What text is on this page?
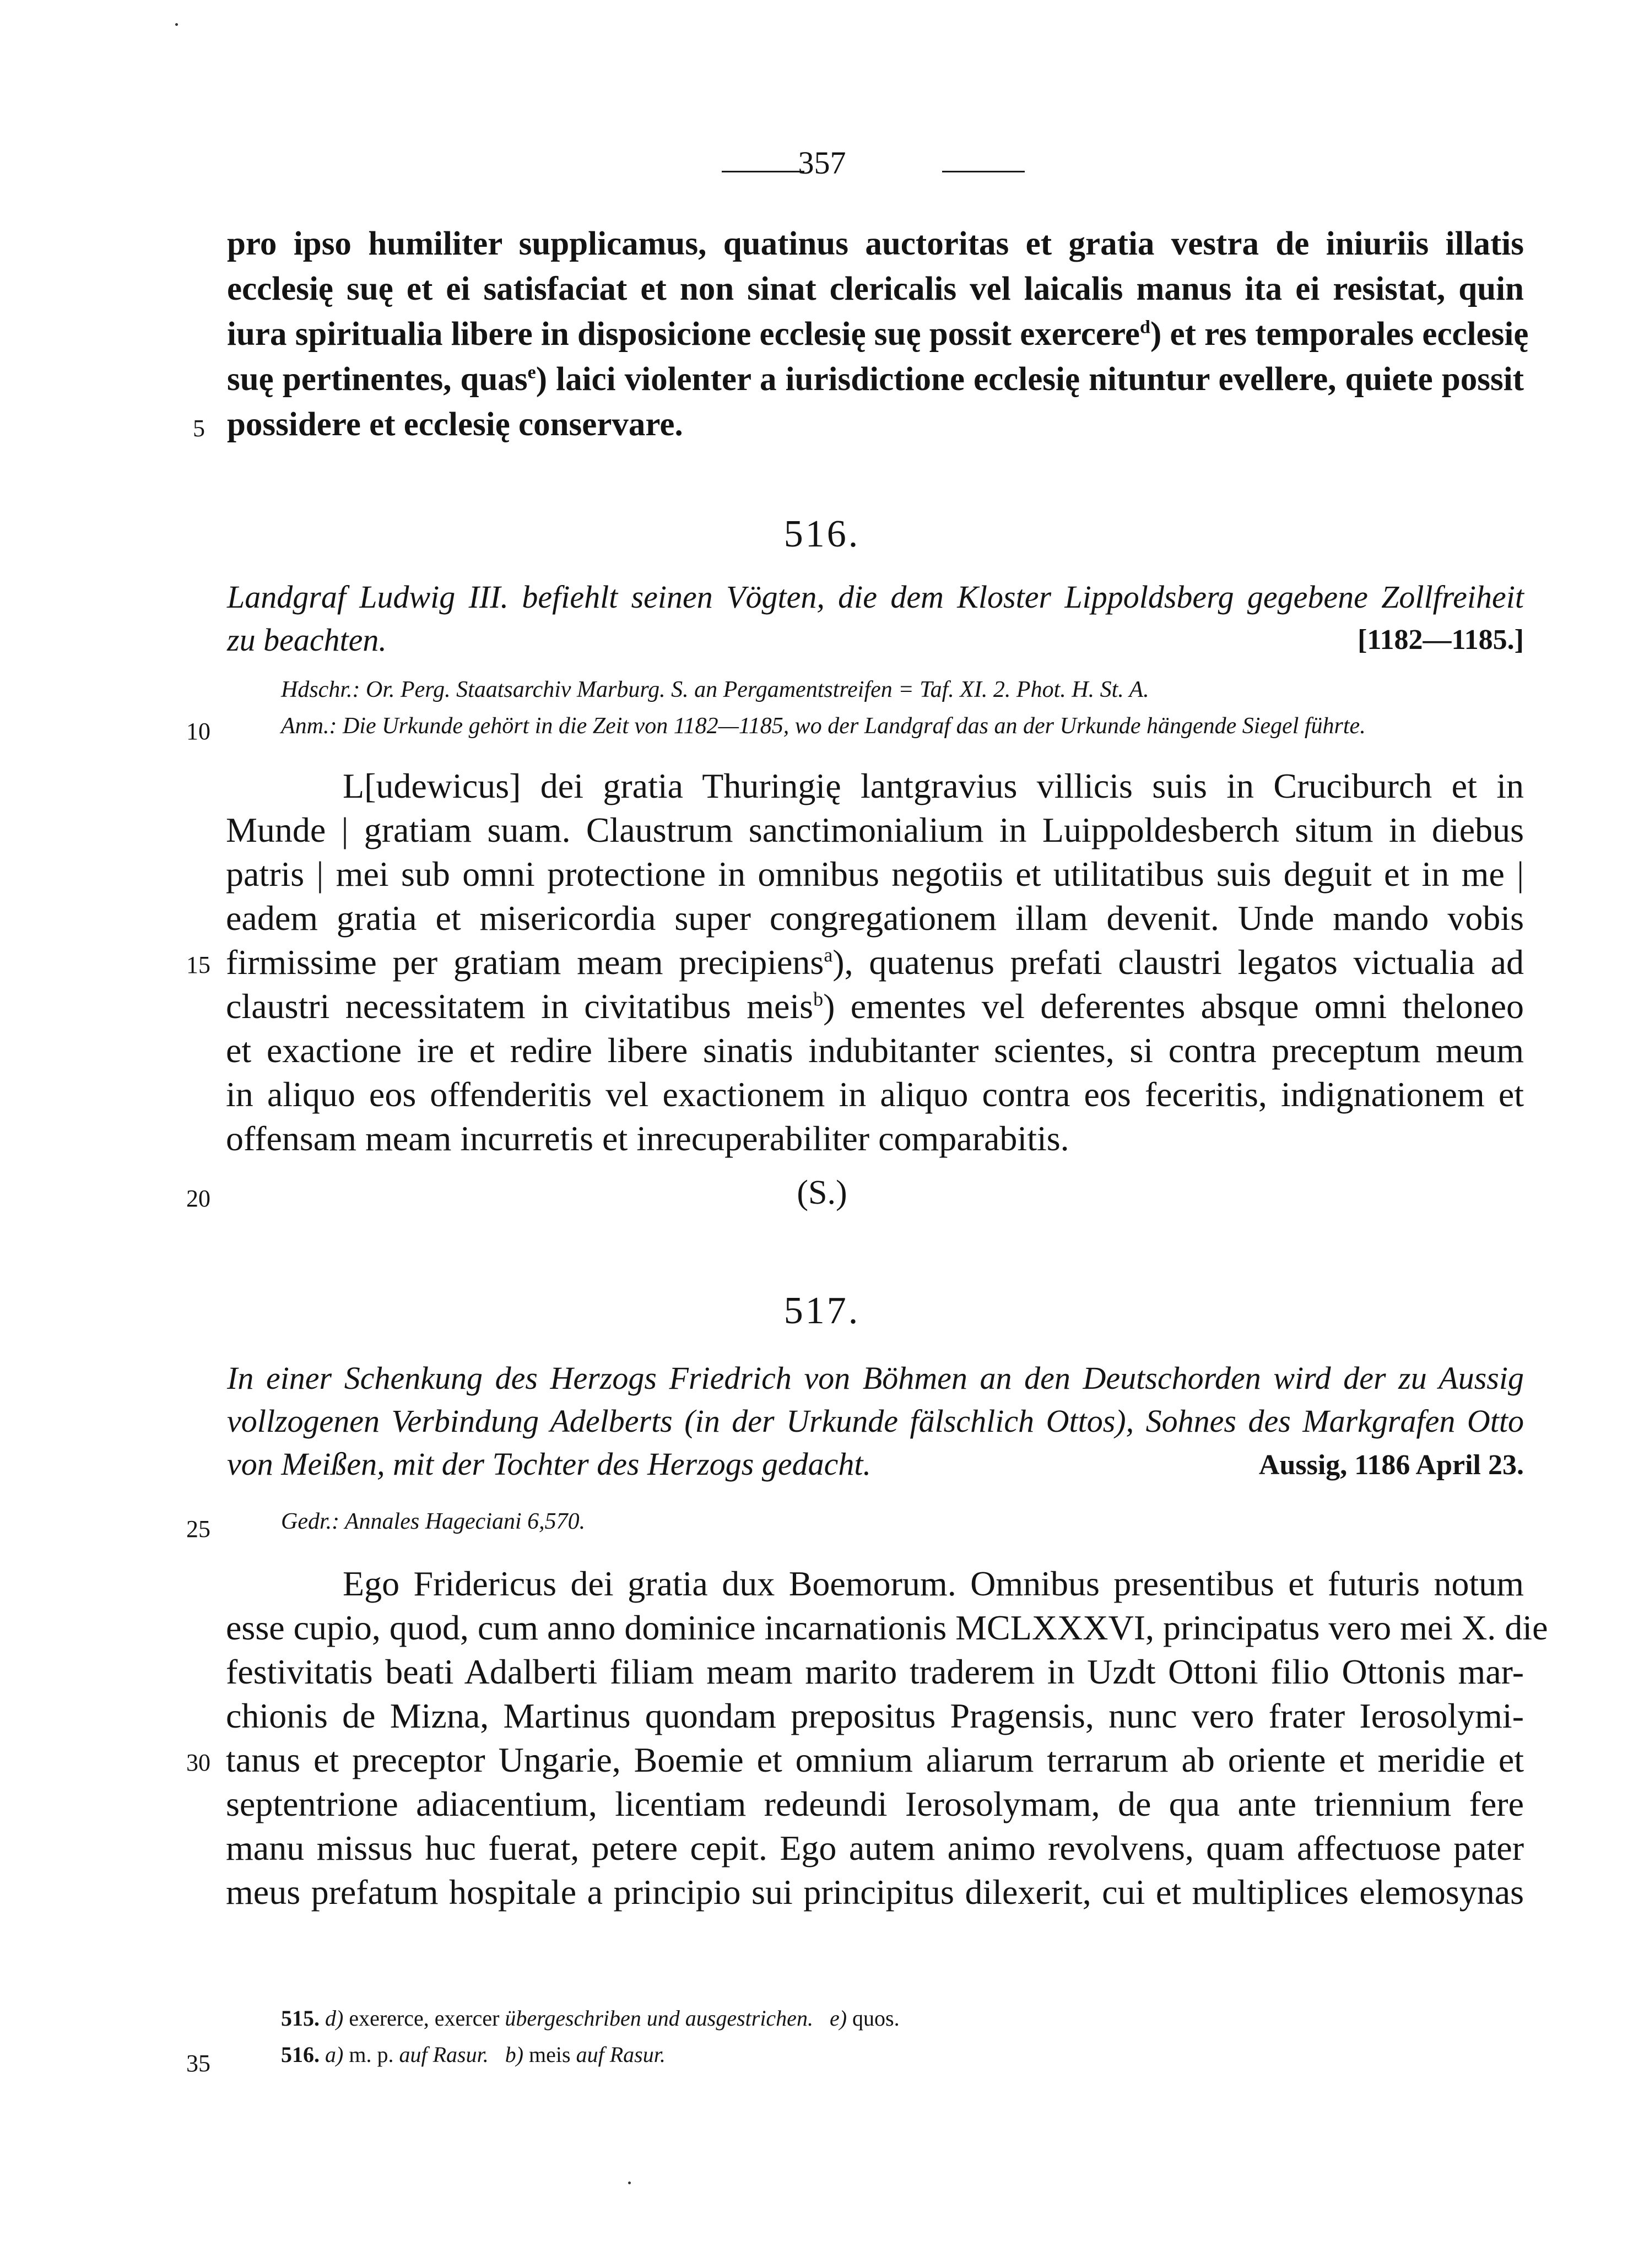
357
pro ipso humiliter supplicamus, quatinus auctoritas et gratia vestra de iniuriis illatis
ecclesię suę et ei satisfaciat et non sinat clericalis vel laicalis manus ita ei resistat, quin
iura spiritualia libere in disposicione ecclesię suę possit exercere$^d$) et res temporales ecclesię
suę pertinentes, quas$^e$) laici violenter a iurisdictione ecclesię nituntur evellere, quiete possit
possidere et ecclesię conservare.
516.
Landgraf Ludwig III. befiehlt seinen Vögten, die dem Kloster Lippoldsberg gegebene Zollfreiheit
zu beachten.	[1182—1185.]
Hdschr.: Or. Perg. Staatsarchiv Marburg. S. an Pergamentstreifen = Taf. XI. 2. Phot. H. St. A.
Anm.: Die Urkunde gehört in die Zeit von 1182—1185, wo der Landgraf das an der Urkunde hängende Siegel führte.
L[udewicus] dei gratia Thuringię lantgravius villicis suis in Cruciburch et in
Munde | gratiam suam. Claustrum sanctimonialium in Luippoldesberch situm in diebus
patris | mei sub omni protectione in omnibus negotiis et utilitatibus suis deguit et in me |
eadem gratia et misericordia super congregationem illam devenit. Unde mando vobis
firmissime per gratiam meam precipiens$^a$), quatenus prefati claustri legatos victualia ad
claustri necessitatem in civitatibus meis$^b$) ementes vel deferentes absque omni theloneo
et exactione ire et redire libere sinatis indubitanter scientes, si contra preceptum meum
in aliquo eos offenderitis vel exactionem in aliquo contra eos feceritis, indignationem et
offensam meam incurretis et inrecuperabiliter comparabitis.
(S.)
517.
In einer Schenkung des Herzogs Friedrich von Böhmen an den Deutschorden wird der zu Aussig
vollzogenen Verbindung Adelberts (in der Urkunde fälschlich Ottos), Sohnes des Markgrafen Otto
von Meißen, mit der Tochter des Herzogs gedacht.	Aussig, 1186 April 23.
Gedr.: Annales Hageciani 6,570.
Ego Fridericus dei gratia dux Boemorum. Omnibus presentibus et futuris notum
esse cupio, quod, cum anno dominice incarnationis MCLXXXVI, principatus vero mei X. die
festivitatis beati Adalberti filiam meam marito traderem in Uzdt Ottoni filio Ottonis mar-
chionis de Mizna, Martinus quondam prepositus Pragensis, nunc vero frater Ierosolymi-
tanus et preceptor Ungarie, Boemie et omnium aliarum terrarum ab oriente et meridie et
septentrione adiacentium, licentiam redeundi Ierosolymam, de qua ante triennium fere
manu missus huc fuerat, petere cepit. Ego autem animo revolvens, quam affectuose pater
meus prefatum hospitale a principio sui principitus dilexerit, cui et multiplices elemosynas
515. d) exererce, exercer übergeschriben und ausgestrichen. e) quos.
516. a) m. p. auf Rasur. b) meis auf Rasur.
5
10
15
20
25
30
35
